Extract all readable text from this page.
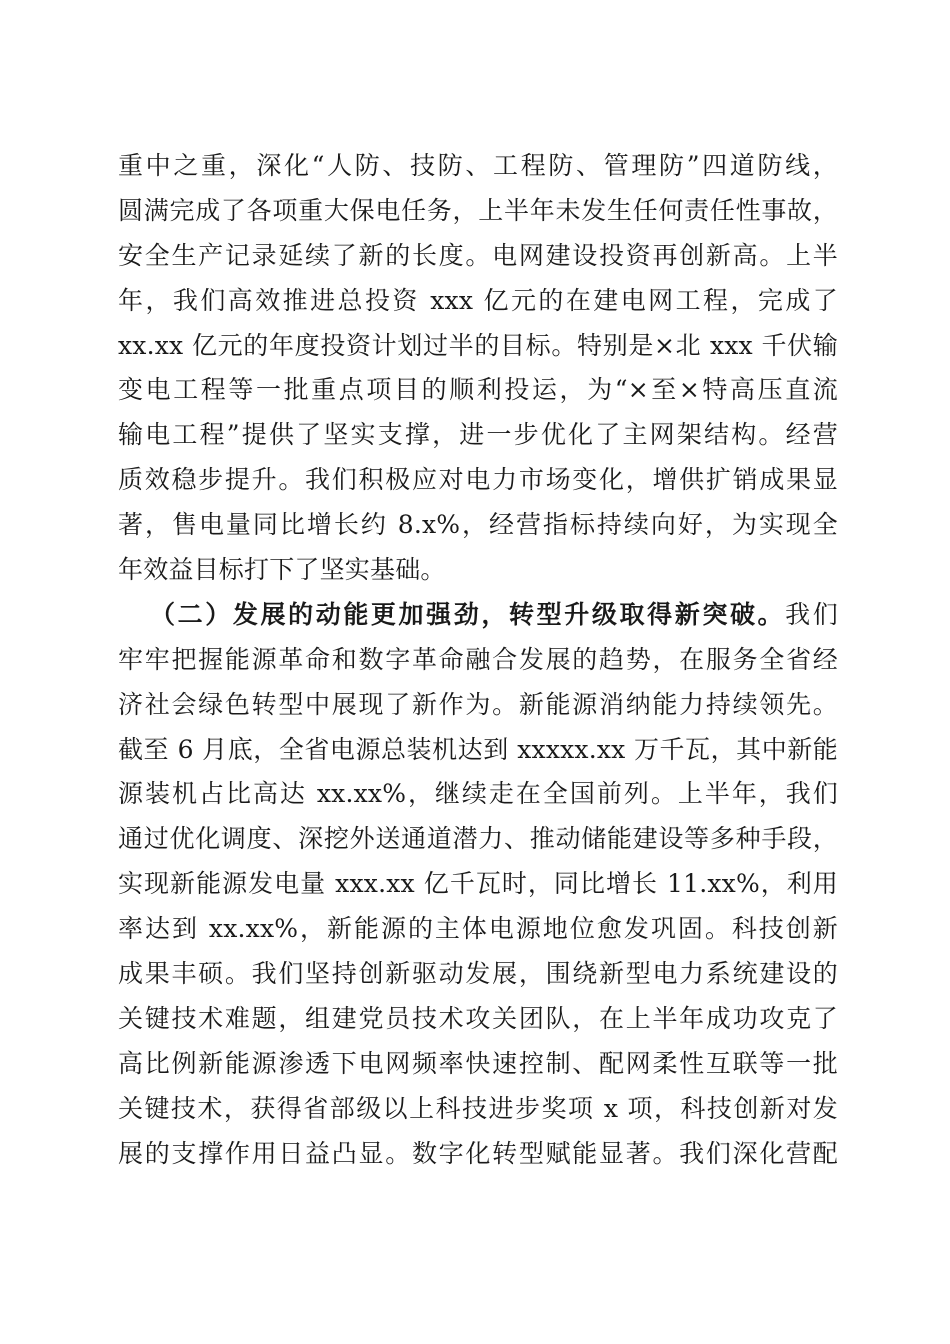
重中之重，深化“人防、技防、工程防、管理防”四道防线，
圆满完成了各项重大保电任务，上半年未发生任何责任性事故，
安全生产记录延续了新的长度。电网建设投资再创新高。上半
年，我们高效推进总投资 xxx 亿元的在建电网工程，完成了
xx.xx 亿元的年度投资计划过半的目标。特别是×北 xxx 千伏输
变电工程等一批重点项目的顺利投运，为“×至×特高压直流
输电工程”提供了坚实支撑，进一步优化了主网架结构。经营
质效稳步提升。我们积极应对电力市场变化，增供扩销成果显
著，售电量同比增长约 8.x%，经营指标持续向好，为实现全
年效益目标打下了坚实基础。
（二）发展的动能更加强劲，转型升级取得新突破。我们
牢牢把握能源革命和数字革命融合发展的趋势，在服务全省经
济社会绿色转型中展现了新作为。新能源消纳能力持续领先。
截至 6 月底，全省电源总装机达到 xxxxx.xx 万千瓦，其中新能
源装机占比高达 xx.xx%，继续走在全国前列。上半年，我们
通过优化调度、深挖外送通道潜力、推动储能建设等多种手段，
实现新能源发电量 xxx.xx 亿千瓦时，同比增长 11.xx%，利用
率达到 xx.xx%，新能源的主体电源地位愈发巩固。科技创新
成果丰硕。我们坚持创新驱动发展，围绕新型电力系统建设的
关键技术难题，组建党员技术攻关团队，在上半年成功攻克了
高比例新能源渗透下电网频率快速控制、配网柔性互联等一批
关键技术，获得省部级以上科技进步奖项 x 项，科技创新对发
展的支撑作用日益凸显。数字化转型赋能显著。我们深化营配
